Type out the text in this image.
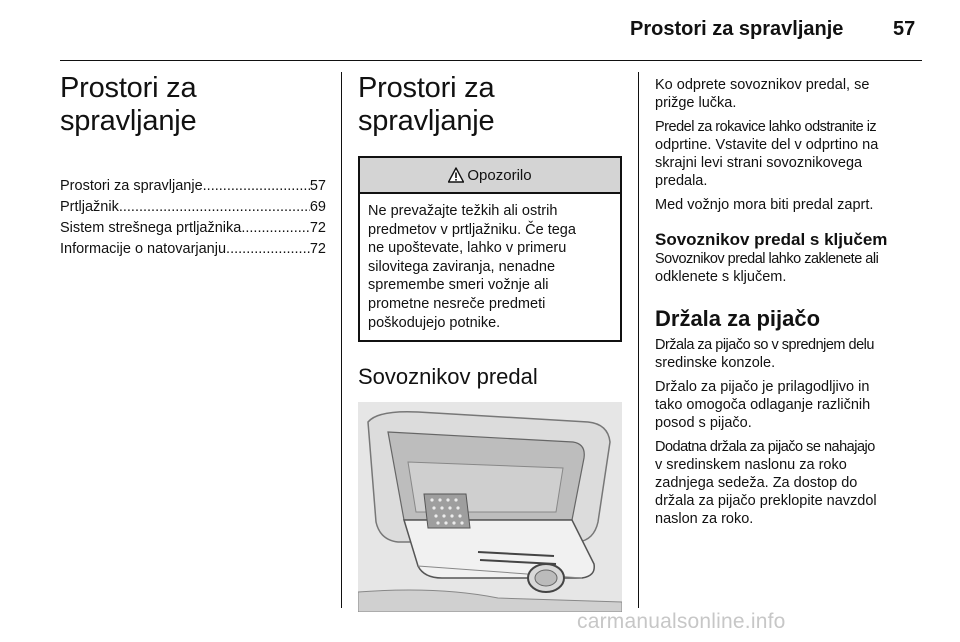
Prostori za spravljanje 57
Prostori za spravljanje
Prostori za spravljanje .....	57
Prtljažnik .....	69
Sistem strešnega prtljažnika .....	72
Informacije o natovarjanju .....	72
Prostori za spravljanje
Opozorilo
Ne prevažajte težkih ali ostrih
predmetov v prtljažniku. Če tega
ne upoštevate, lahko v primeru
silovitega zaviranja, nenadne
spremembe smeri vožnje ali
prometne nesreče predmeti
poškodujejo potnike.
Sovoznikov predal

Ko odprete sovoznikov predal, se
prižge lučka.

Predel za rokavice lahko odstranite iz
odprtine. Vstavite del v odprtino na
skrajni levi strani sovoznikovega
predala.

Med vožnjo mora biti predal zaprt.

Sovoznikov predal s ključem

Sovoznikov predal lahko zaklenete ali
odklenete s ključem.

Držala za pijačo

Držala za pijačo so v sprednjem delu
sredinske konzole.

Držalo za pijačo je prilagodljivo in
tako omogoča odlaganje različnih
posod s pijačo.

Dodatna držala za pijačo se nahajajo
v sredinskem naslonu za roko
zadnjega sedeža. Za dostop do
držala za pijačo preklopite navzdol
naslon za roko.

carmanualsonline.info
